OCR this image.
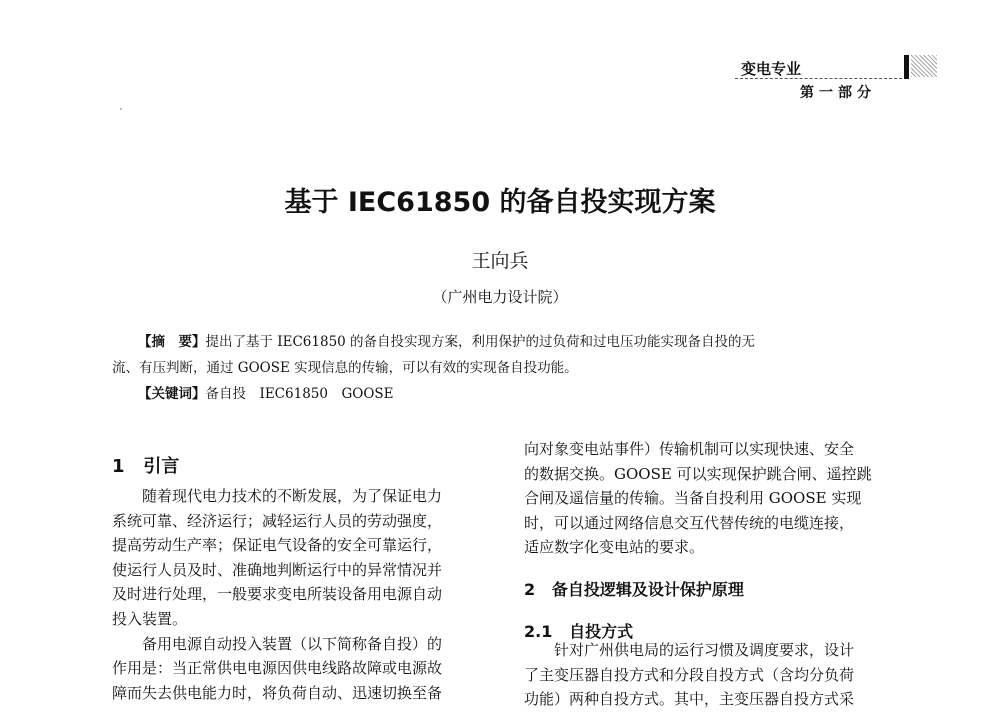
变电专业
第一部分
基于 IEC61850 的备自投实现方案
王向兵
（广州电力设计院）
【摘　要】提出了基于 IEC61850 的备自投实现方案，利用保护的过负荷和过电压功能实现备自投的无
流、有压判断，通过 GOOSE 实现信息的传输，可以有效的实现备自投功能。
【关键词】备自投　IEC61850　GOOSE
1 引言
随着现代电力技术的不断发展，为了保证电力
系统可靠、经济运行；减轻运行人员的劳动强度，
提高劳动生产率；保证电气设备的安全可靠运行，
使运行人员及时、准确地判断运行中的异常情况并
及时进行处理，一般要求变电所装设备用电源自动
投入装置。
备用电源自动投入装置（以下简称备自投）的
作用是：当正常供电电源因供电线路故障或电源故
障而失去供电能力时，将负荷自动、迅速切换至备
向对象变电站事件）传输机制可以实现快速、安全
的数据交换。GOOSE 可以实现保护跳合闸、遥控跳
合闸及遥信量的传输。当备自投利用 GOOSE 实现
时，可以通过网络信息交互代替传统的电缆连接，
适应数字化变电站的要求。
2 备自投逻辑及设计保护原理
2.1 自投方式
针对广州供电局的运行习惯及调度要求，设计
了主变压器自投方式和分段自投方式（含均分负荷
功能）两种自投方式。其中，主变压器自投方式采
